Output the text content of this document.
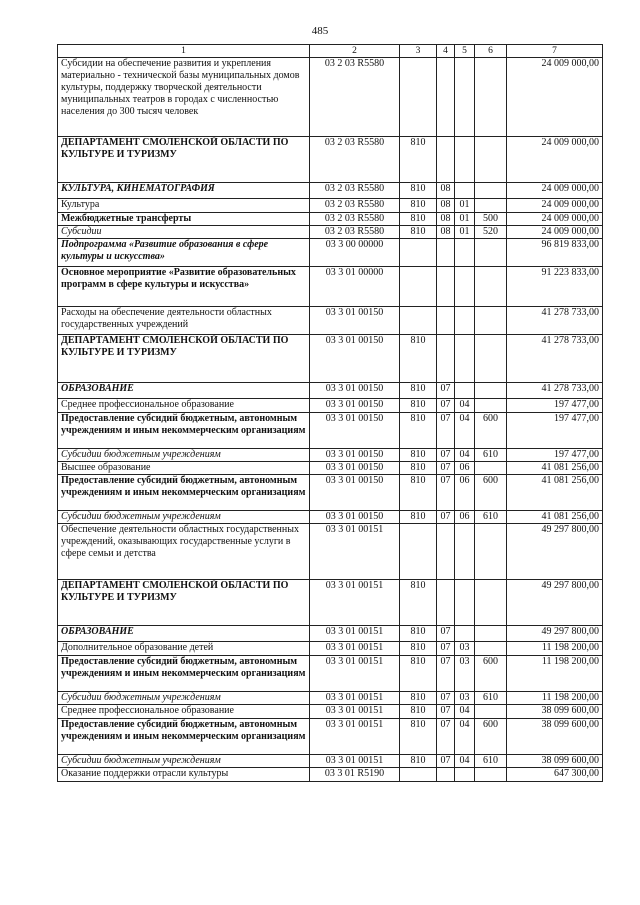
485
1	2	3	4	5	6	7
Субсидии на обеспечение развития и укрепления материально - технической базы муниципальных домов культуры, поддержку творческой деятельности муниципальных театров в городах с численностью населения до 300 тысяч человек	03 2 03 R5580					24 009 000,00
ДЕПАРТАМЕНТ СМОЛЕНСКОЙ ОБЛАСТИ ПО КУЛЬТУРЕ И ТУРИЗМУ	03 2 03 R5580	810				24 009 000,00
КУЛЬТУРА, КИНЕМАТОГРАФИЯ	03 2 03 R5580	810	08			24 009 000,00
Культура	03 2 03 R5580	810	08	01		24 009 000,00
Межбюджетные трансферты	03 2 03 R5580	810	08	01	500	24 009 000,00
Субсидии	03 2 03 R5580	810	08	01	520	24 009 000,00
Подпрограмма «Развитие образования в сфере культуры и искусства»	03 3 00 00000					96 819 833,00
Основное мероприятие «Развитие образовательных программ в сфере культуры и искусства»	03 3 01 00000					91 223 833,00
Расходы на обеспечение деятельности областных государственных учреждений	03 3 01 00150					41 278 733,00
ДЕПАРТАМЕНТ СМОЛЕНСКОЙ ОБЛАСТИ ПО КУЛЬТУРЕ И ТУРИЗМУ	03 3 01 00150	810				41 278 733,00
ОБРАЗОВАНИЕ	03 3 01 00150	810	07			41 278 733,00
Среднее профессиональное образование	03 3 01 00150	810	07	04		197 477,00
Предоставление субсидий бюджетным, автономным учреждениям и иным некоммерческим организациям	03 3 01 00150	810	07	04	600	197 477,00
Субсидии бюджетным учреждениям	03 3 01 00150	810	07	04	610	197 477,00
Высшее образование	03 3 01 00150	810	07	06		41 081 256,00
Предоставление субсидий бюджетным, автономным учреждениям и иным некоммерческим организациям	03 3 01 00150	810	07	06	600	41 081 256,00
Субсидии бюджетным учреждениям	03 3 01 00150	810	07	06	610	41 081 256,00
Обеспечение деятельности областных государственных учреждений, оказывающих государственные услуги в сфере семьи и детства	03 3 01 00151					49 297 800,00
ДЕПАРТАМЕНТ СМОЛЕНСКОЙ ОБЛАСТИ ПО КУЛЬТУРЕ И ТУРИЗМУ	03 3 01 00151	810				49 297 800,00
ОБРАЗОВАНИЕ	03 3 01 00151	810	07			49 297 800,00
Дополнительное образование детей	03 3 01 00151	810	07	03		11 198 200,00
Предоставление субсидий бюджетным, автономным учреждениям и иным некоммерческим организациям	03 3 01 00151	810	07	03	600	11 198 200,00
Субсидии бюджетным учреждениям	03 3 01 00151	810	07	03	610	11 198 200,00
Среднее профессиональное образование	03 3 01 00151	810	07	04		38 099 600,00
Предоставление субсидий бюджетным, автономным учреждениям и иным некоммерческим организациям	03 3 01 00151	810	07	04	600	38 099 600,00
Субсидии бюджетным учреждениям	03 3 01 00151	810	07	04	610	38 099 600,00
Оказание поддержки отрасли культуры	03 3 01 R5190					647 300,00
